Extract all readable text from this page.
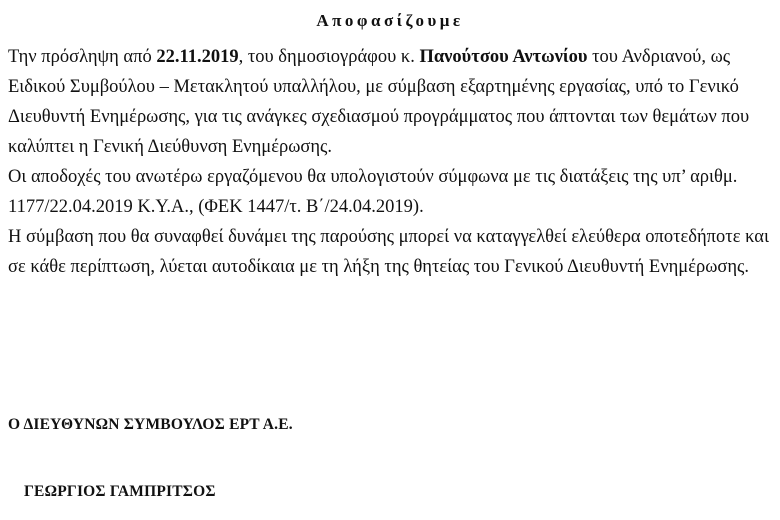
Αποφασίζουμε

Την πρόσληψη από 22.11.2019, του δημοσιογράφου κ. Πανούτσου Αντωνίου του Ανδριανού, ως
Ειδικού Συμβούλου – Μετακλητού υπαλλήλου, με σύμβαση εξαρτημένης εργασίας, υπό το Γενικό
Διευθυντή Ενημέρωσης, για τις ανάγκες σχεδιασμού προγράμματος που άπτονται των θεμάτων που
καλύπτει η Γενική Διεύθυνση Ενημέρωσης.

Οι αποδοχές του ανωτέρω εργαζόμενου θα υπολογιστούν σύμφωνα με τις διατάξεις της υπ’ αριθμ.
1177/22.04.2019 Κ.Υ.Α., (ΦΕΚ 1447/τ. Β΄/24.04.2019).

Η σύμβαση που θα συναφθεί δυνάμει της παρούσης μπορεί να καταγγελθεί ελεύθερα οποτεδήποτε και
σε κάθε περίπτωση, λύεται αυτοδίκαια με τη λήξη της θητείας του Γενικού Διευθυντή Ενημέρωσης.

Ο ΔΙΕΥΘΥΝΩΝ ΣΥΜΒΟΥΛΟΣ ΕΡΤ Α.Ε.
ΓΕΩΡΓΙΟΣ ΓΑΜΠΡΙΤΣΟΣ
